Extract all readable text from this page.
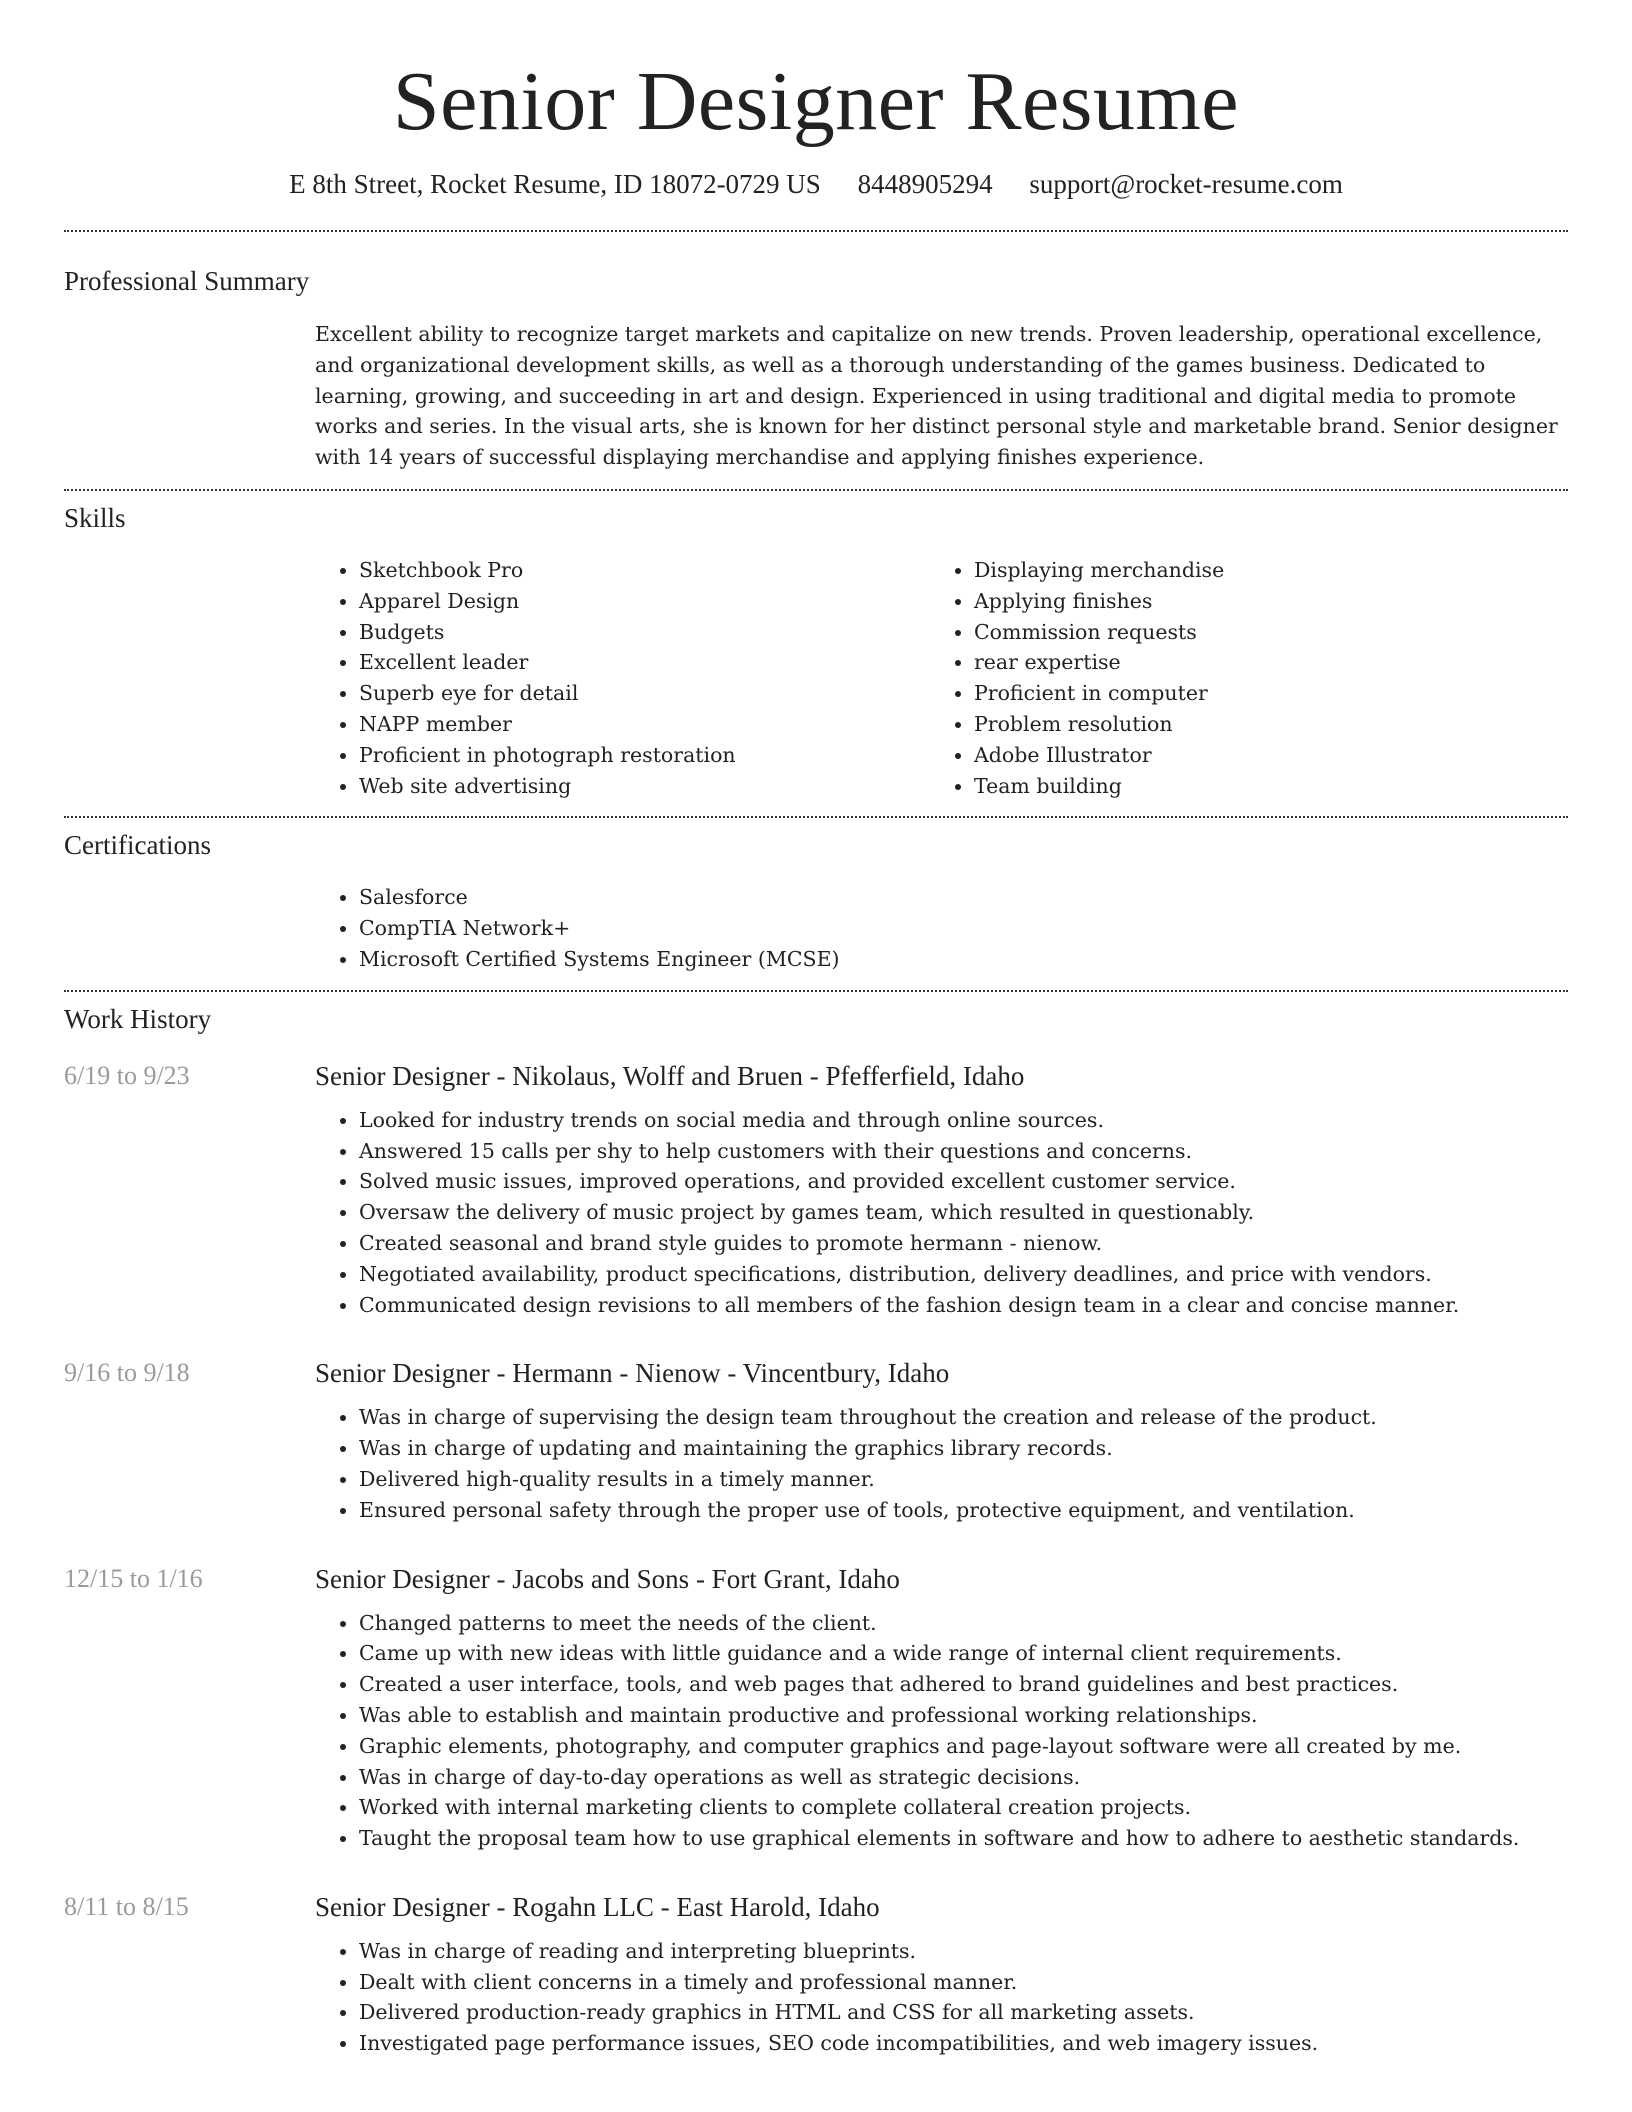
Senior Designer Resume
E 8th Street, Rocket Resume, ID 18072-0729 US 8448905294 support@rocket-resume.com
Professional Summary

Excellent ability to recognize target markets and capitalize on new trends. Proven leadership, operational excellence, and organizational development skills, as well as a thorough understanding of the games business. Dedicated to learning, growing, and succeeding in art and design. Experienced in using traditional and digital media to promote works and series. In the visual arts, she is known for her distinct personal style and marketable brand. Senior designer with 14 years of successful displaying merchandise and applying finishes experience.

Skills
• Sketchbook Pro
• Apparel Design
• Budgets
• Excellent leader
• Superb eye for detail
• NAPP member
• Proficient in photograph restoration
• Web site advertising
• Displaying merchandise
• Applying finishes
• Commission requests
• rear expertise
• Proficient in computer
• Problem resolution
• Adobe Illustrator
• Team building
Certifications
• Salesforce
• CompTIA Network+
• Microsoft Certified Systems Engineer (MCSE)
Work History
6/19 to 9/23	Senior Designer - Nikolaus, Wolff and Bruen - Pfefferfield, Idaho
• Looked for industry trends on social media and through online sources.
• Answered 15 calls per shy to help customers with their questions and concerns.
• Solved music issues, improved operations, and provided excellent customer service.
• Oversaw the delivery of music project by games team, which resulted in questionably.
• Created seasonal and brand style guides to promote hermann - nienow.
• Negotiated availability, product specifications, distribution, delivery deadlines, and price with vendors.
• Communicated design revisions to all members of the fashion design team in a clear and concise manner.
9/16 to 9/18	Senior Designer - Hermann - Nienow - Vincentbury, Idaho
• Was in charge of supervising the design team throughout the creation and release of the product.
• Was in charge of updating and maintaining the graphics library records.
• Delivered high-quality results in a timely manner.
• Ensured personal safety through the proper use of tools, protective equipment, and ventilation.
12/15 to 1/16	Senior Designer - Jacobs and Sons - Fort Grant, Idaho
• Changed patterns to meet the needs of the client.
• Came up with new ideas with little guidance and a wide range of internal client requirements.
• Created a user interface, tools, and web pages that adhered to brand guidelines and best practices.
• Was able to establish and maintain productive and professional working relationships.
• Graphic elements, photography, and computer graphics and page-layout software were all created by me.
• Was in charge of day-to-day operations as well as strategic decisions.
• Worked with internal marketing clients to complete collateral creation projects.
• Taught the proposal team how to use graphical elements in software and how to adhere to aesthetic standards.
8/11 to 8/15	Senior Designer - Rogahn LLC - East Harold, Idaho
• Was in charge of reading and interpreting blueprints.
• Dealt with client concerns in a timely and professional manner.
• Delivered production-ready graphics in HTML and CSS for all marketing assets.
• Investigated page performance issues, SEO code incompatibilities, and web imagery issues.
